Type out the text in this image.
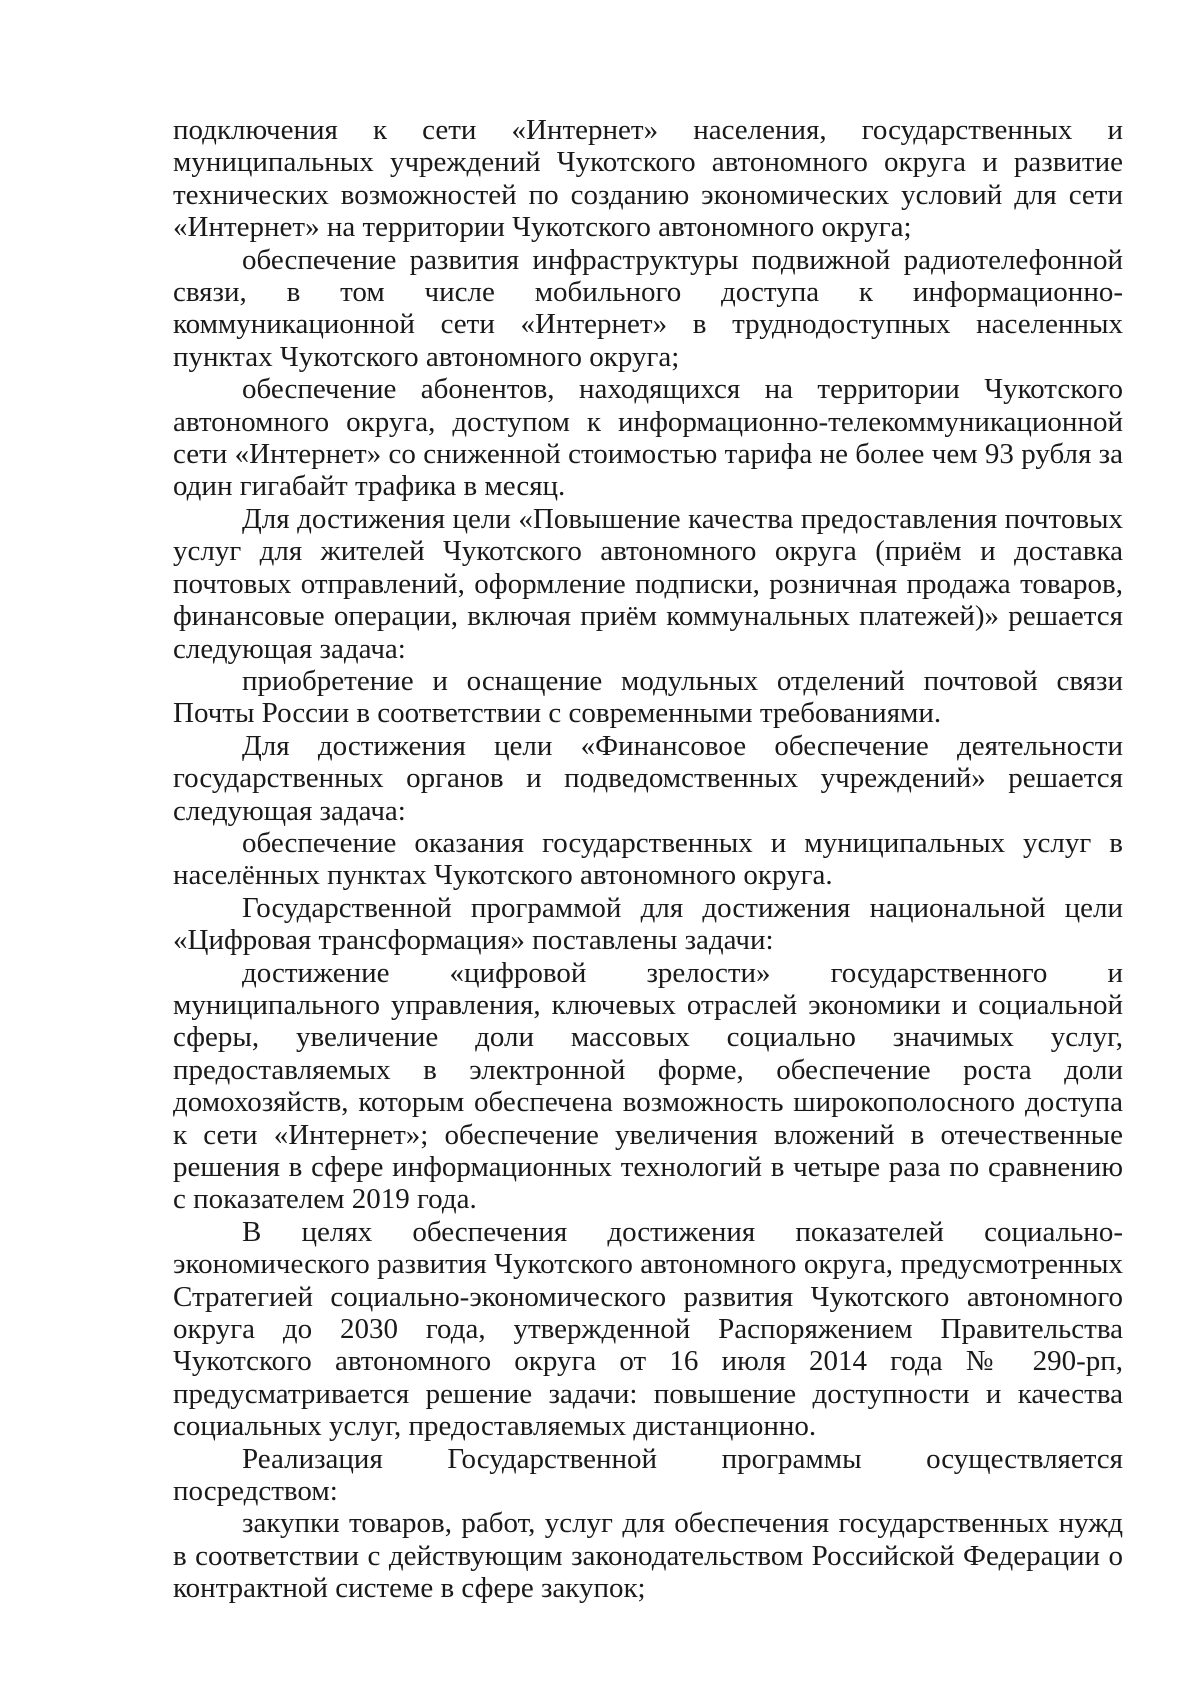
подключения к сети «Интернет» населения, государственных и муниципальных учреждений Чукотского автономного округа и развитие технических возможностей по созданию экономических условий для сети «Интернет» на территории Чукотского автономного округа;

обеспечение развития инфраструктуры подвижной радиотелефонной связи, в том числе мобильного доступа к информационно-коммуникационной сети «Интернет» в труднодоступных населенных пунктах Чукотского автономного округа;

обеспечение абонентов, находящихся на территории Чукотского автономного округа, доступом к информационно-телекоммуникационной сети «Интернет» со сниженной стоимостью тарифа не более чем 93 рубля за один гигабайт трафика в месяц.

Для достижения цели «Повышение качества предоставления почтовых услуг для жителей Чукотского автономного округа (приём и доставка почтовых отправлений, оформление подписки, розничная продажа товаров, финансовые операции, включая приём коммунальных платежей)» решается следующая задача:

приобретение и оснащение модульных отделений почтовой связи Почты России в соответствии с современными требованиями.

Для достижения цели «Финансовое обеспечение деятельности государственных органов и подведомственных учреждений» решается следующая задача:

обеспечение оказания государственных и муниципальных услуг в населённых пунктах Чукотского автономного округа.

Государственной программой для достижения национальной цели «Цифровая трансформация» поставлены задачи:

достижение «цифровой зрелости» государственного и муниципального управления, ключевых отраслей экономики и социальной сферы, увеличение доли массовых социально значимых услуг, предоставляемых в электронной форме, обеспечение роста доли домохозяйств, которым обеспечена возможность широкополосного доступа к сети «Интернет»; обеспечение увеличения вложений в отечественные решения в сфере информационных технологий в четыре раза по сравнению с показателем 2019 года.

В целях обеспечения достижения показателей социально-экономического развития Чукотского автономного округа, предусмотренных Стратегией социально-экономического развития Чукотского автономного округа до 2030 года, утвержденной Распоряжением Правительства Чукотского автономного округа от 16 июля 2014 года № 290-рп, предусматривается решение задачи: повышение доступности и качества социальных услуг, предоставляемых дистанционно.

Реализация Государственной программы осуществляется посредством:

закупки товаров, работ, услуг для обеспечения государственных нужд в соответствии с действующим законодательством Российской Федерации о контрактной системе в сфере закупок;
